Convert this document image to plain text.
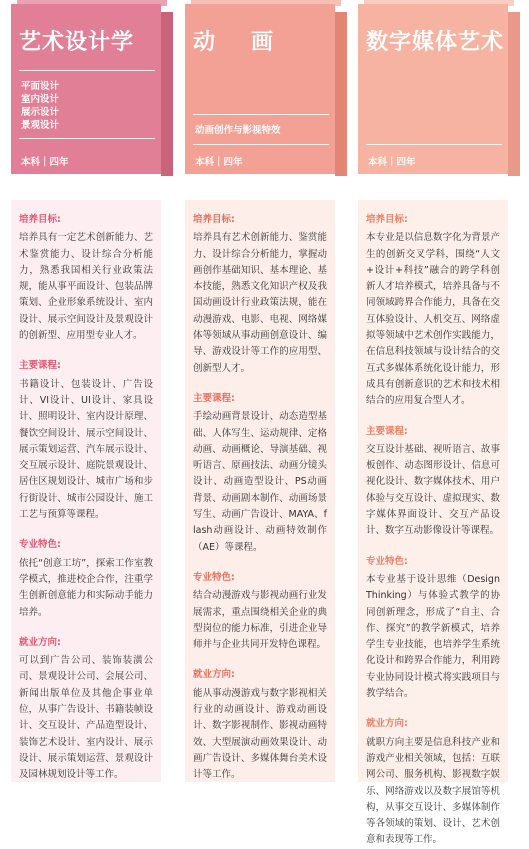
艺术设计学
平面设计
室内设计
展示设计
景观设计
本科｜四年
培养目标:

培养具有一定艺术创新能力、艺术鉴赏能力、设计综合分析能力，熟悉我国相关行业政策法规，能从事平面设计、包装品牌策划、企业形象系统设计、室内设计、展示空间设计及景观设计的创新型、应用型专业人才。

主要课程:

书籍设计、包装设计、广告设计、VI设计、UI设计、家具设计、照明设计、室内设计原理、餐饮空间设计、展示空间设计、展示策划运营、汽车展示设计、交互展示设计、庭院景观设计、居住区规划设计、城市广场和步行街设计、城市公园设计、施工工艺与预算等课程。

专业特色:

依托“创意工坊”，探索工作室教学模式，推进校企合作，注重学生创新创意能力和实际动手能力培养。

就业方向:

可以到广告公司、装饰装潢公司、景观设计公司、会展公司、新闻出版单位及其他企事业单位，从事广告设计、书籍装帧设计、交互设计、产品造型设计、装饰艺术设计、室内设计、展示设计、展示策划运营、景观设计及园林规划设计等工作。

动画
动画创作与影视特效
本科｜四年
培养目标:

培养具有艺术创新能力、鉴赏能力、设计综合分析能力，掌握动画创作基础知识、基本理论、基本技能，熟悉文化知识产权及我国动画设计行业政策法规，能在动漫游戏、电影、电视、网络媒体等领域从事动画创意设计、编导、游戏设计等工作的应用型、创新型人才。

主要课程:

手绘动画背景设计、动态造型基础、人体写生、运动规律、定格动画、动画概论、导演基础、视听语言、原画技法、动画分镜头设计、动画造型设计、PS动画背景、动画剧本制作、动画场景写生、动画广告设计、MAYA、flash动画设计、动画特效制作（AE）等课程。

专业特色:

结合动漫游戏与影视动画行业发展需求，重点围绕相关企业的典型岗位的能力标准，引进企业导师并与企业共同开发特色课程。

就业方向:

能从事动漫游戏与数字影视相关行业的动画设计、游戏动画设计、数字影视制作、影视动画特效、大型展演动画效果设计、动画广告设计、多媒体舞台美术设计等工作。

数字媒体艺术
本科｜四年
培养目标:

本专业是以信息数字化为背景产生的创新交叉学科，围绕“人文+设计+科技”融合的跨学科创新人才培养模式，培养具备与不同领域跨界合作能力，具备在交互体验设计、人机交互、网络虚拟等领域中艺术创作实践能力，在信息科技领域与设计结合的交互式多媒体系统化设计能力，形成具有创新意识的艺术和技术相结合的应用复合型人才。

主要课程:

交互设计基础、视听语言、故事板创作、动态图形设计、信息可视化设计、数字媒体技术、用户体验与交互设计、虚拟现实、数字媒体界面设计、交互产品设计、数字互动影像设计等课程。

专业特色:

本专业基于设计思维（Design Thinking）与体验式教学的协同创新理念，形成了“自主、合作、探究”的教学新模式，培养学生专业技能，也培养学生系统化设计和跨界合作能力，利用跨专业协同设计模式将实践项目与教学结合。

就业方向:

就职方向主要是信息科技产业和游戏产业相关领域，包括：互联网公司、服务机构、影视数字娱乐、网络游戏以及数字展馆等机构，从事交互设计、多媒体制作等各领域的策划、设计、艺术创意和表现等工作。
